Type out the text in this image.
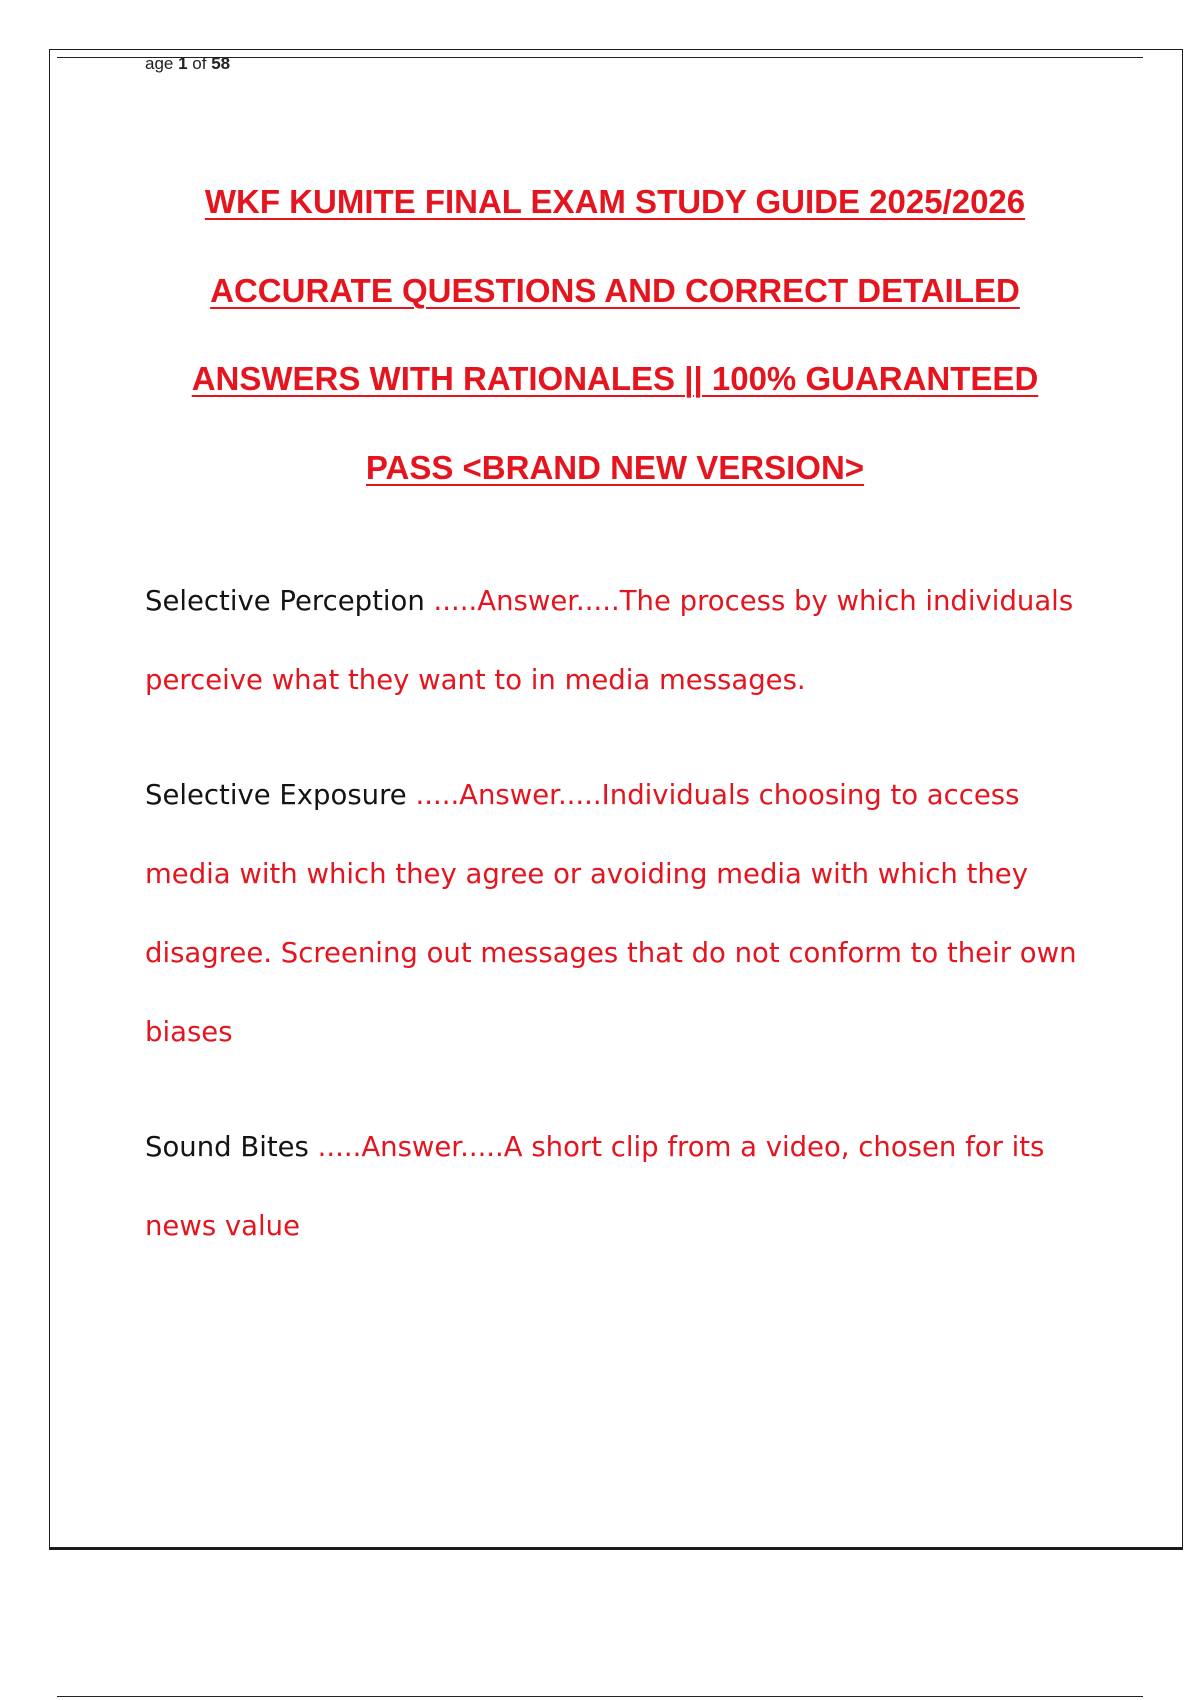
age 1 of 58
WKF KUMITE FINAL EXAM STUDY GUIDE 2025/2026
ACCURATE QUESTIONS AND CORRECT DETAILED
ANSWERS WITH RATIONALES || 100% GUARANTEED
PASS <BRAND NEW VERSION>
Selective Perception .....Answer.....The process by which individuals perceive what they want to in media messages.
Selective Exposure .....Answer.....Individuals choosing to access media with which they agree or avoiding media with which they disagree. Screening out messages that do not conform to their own biases
Sound Bites .....Answer.....A short clip from a video, chosen for its news value
